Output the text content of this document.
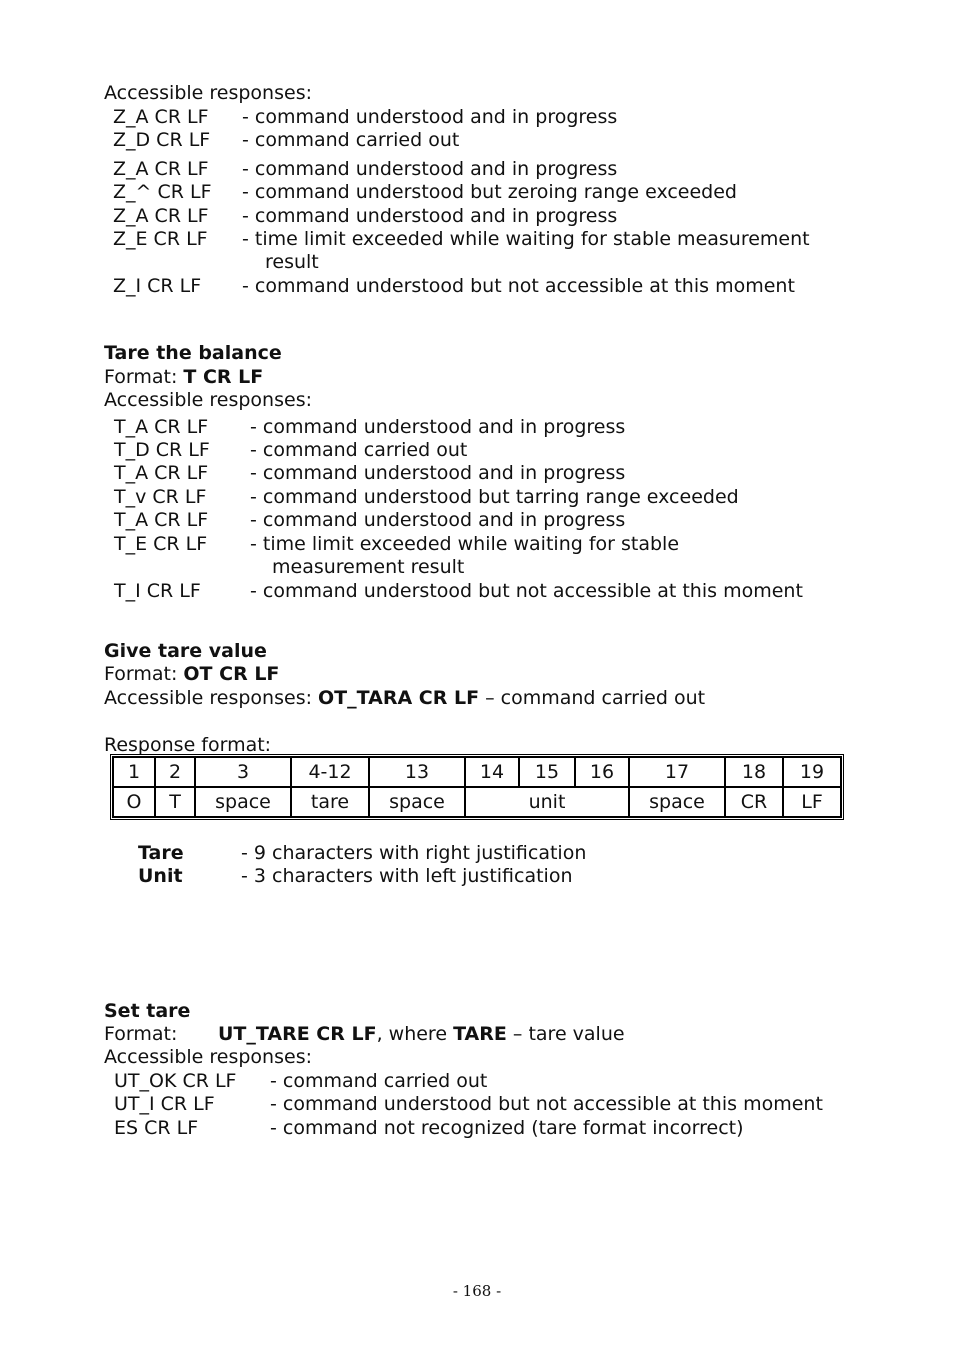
Accessible responses:
Z_A CR LF - command understood and in progress
Z_D CR LF - command carried out
Z_A CR LF - command understood and in progress
Z_^ CR LF - command understood but zeroing range exceeded
Z_A CR LF - command understood and in progress
Z_E CR LF - time limit exceeded while waiting for stable measurement
result
Z_I CR LF - command understood but not accessible at this moment
Tare the balance
Format: T CR LF
Accessible responses:
T_A CR LF - command understood and in progress
T_D CR LF - command carried out
T_A CR LF - command understood and in progress
T_v CR LF - command understood but tarring range exceeded
T_A CR LF - command understood and in progress
T_E CR LF - time limit exceeded while waiting for stable
measurement result
T_I CR LF	- command understood but not accessible at this moment
Give tare value
Format: OT CR LF
Accessible responses: OT_TARA CR LF – command carried out
Response format:
1	2	3	4-12	13	14	15	16	17	18	19
O	T	space	tare	space	unit			space	CR	LF
Tare	- 9 characters with right justification
Unit	- 3 characters with left justification
Set tare
Format: UT_TARE CR LF, where TARE – tare value
Accessible responses:
UT_OK CR LF - command carried out
UT_I CR LF	- command understood but not accessible at this moment
ES CR LF	- command not recognized (tare format incorrect)
- 168 -
